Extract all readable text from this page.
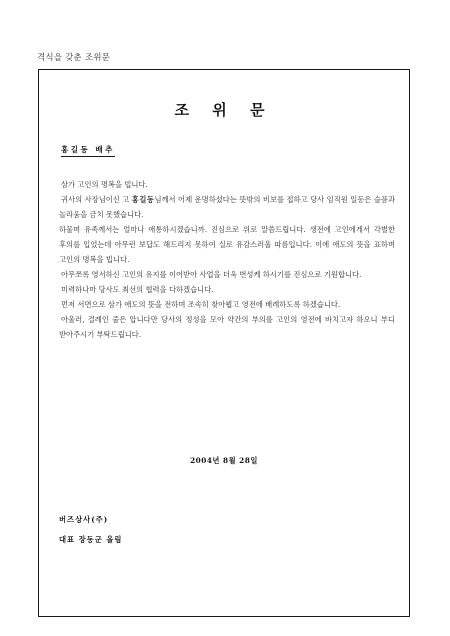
격식을 갖춘 조위문
조 위 문
홍길동 배추

삼가 고인의 명복을 빕니다.

귀사의 사장님이신 고 홍길동님께서 어제 운명하셨다는 뜻밖의 비보를 접하고 당사 임직원 일동은 슬픔과 놀라움을 금치 못했습니다.

하물며 유족께서는 얼마나 애통하시겠습니까. 진심으로 위로 말씀드립니다. 생전에 고인에게서 각별한 후의를 입었는데 아무런 보답도 해드리지 못하여 실로 유감스러울 따름입니다. 이에 애도의 뜻을 표하며 고인의 명복을 빕니다.

아무쪼록 영서하신 고인의 유지를 이어받아 사업을 더욱 번성케 하시기를 진심으로 기원합니다.

미력하나마 당사도 최선의 협력을 다하겠습니다.

먼저 서면으로 삼가 애도의 뜻을 전하며 조속히 찾아뵙고 영전에 배례하도록 하겠습니다.

아울러, 결례인 줄은 압니다만 당사의 정성을 모아 약간의 부의를 고인의 영전에 바치고자 하오니 부디 받아주시기 부탁드립니다.

2004년 8월 28일
버즈상사(주)
대표 장동군 올림
